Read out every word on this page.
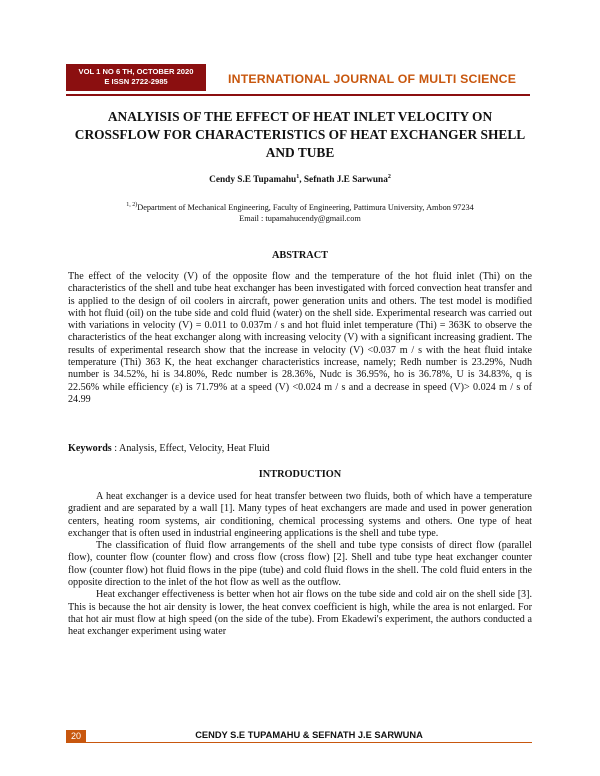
VOL 1 NO 6 TH, OCTOBER 2020
E ISSN 2722-2985	INTERNATIONAL JOURNAL OF MULTI SCIENCE
ANALYISIS OF THE EFFECT OF HEAT INLET VELOCITY ON CROSSFLOW FOR CHARACTERISTICS OF HEAT EXCHANGER SHELL AND TUBE
Cendy S.E Tupamahu$^1$, Sefnath J.E Sarwuna$^2$
$^{1, 2)}$Department of Mechanical Engineering, Faculty of Engineering, Pattimura University, Ambon 97234
Email : tupamahucendy@gmail.com
ABSTRACT
The effect of the velocity (V) of the opposite flow and the temperature of the hot fluid inlet (Thi) on the characteristics of the shell and tube heat exchanger has been investigated with forced convection heat transfer and is applied to the design of oil coolers in aircraft, power generation units and others. The test model is modified with hot fluid (oil) on the tube side and cold fluid (water) on the shell side. Experimental research was carried out with variations in velocity (V) = 0.011 to 0.037m / s and hot fluid inlet temperature (Thi) = 363K to observe the characteristics of the heat exchanger along with increasing velocity (V) with a significant increasing gradient. The results of experimental research show that the increase in velocity (V) <0.037 m / s with the heat fluid intake temperature (Thi) 363 K, the heat exchanger characteristics increase, namely; Redh number is 23.29%, Nudh number is 34.52%, hi is 34.80%, Redc number is 28.36%, Nudc is 36.95%, ho is 36.78%, U is 34.83%, q is 22.56% while efficiency (ε) is 71.79% at a speed (V) <0.024 m / s and a decrease in speed (V)> 0.024 m / s of 24.99
Keywords : Analysis, Effect, Velocity, Heat Fluid
INTRODUCTION

A heat exchanger is a device used for heat transfer between two fluids, both of which have a temperature gradient and are separated by a wall [1]. Many types of heat exchangers are made and used in power generation centers, heating room systems, air conditioning, chemical processing systems and others. One type of heat exchanger that is often used in industrial engineering applications is the shell and tube type.

The classification of fluid flow arrangements of the shell and tube type consists of direct flow (parallel flow), counter flow (counter flow) and cross flow (cross flow) [2]. Shell and tube type heat exchanger counter flow (counter flow) hot fluid flows in the pipe (tube) and cold fluid flows in the shell. The cold fluid enters in the opposite direction to the inlet of the hot flow as well as the outflow.

Heat exchanger effectiveness is better when hot air flows on the tube side and cold air on the shell side [3]. This is because the hot air density is lower, the heat convex coefficient is high, while the area is not enlarged. For that hot air must flow at high speed (on the side of the tube). From Ekadewi's experiment, the authors conducted a heat exchanger experiment using water

20	CENDY S.E TUPAMAHU & SEFNATH J.E SARWUNA
